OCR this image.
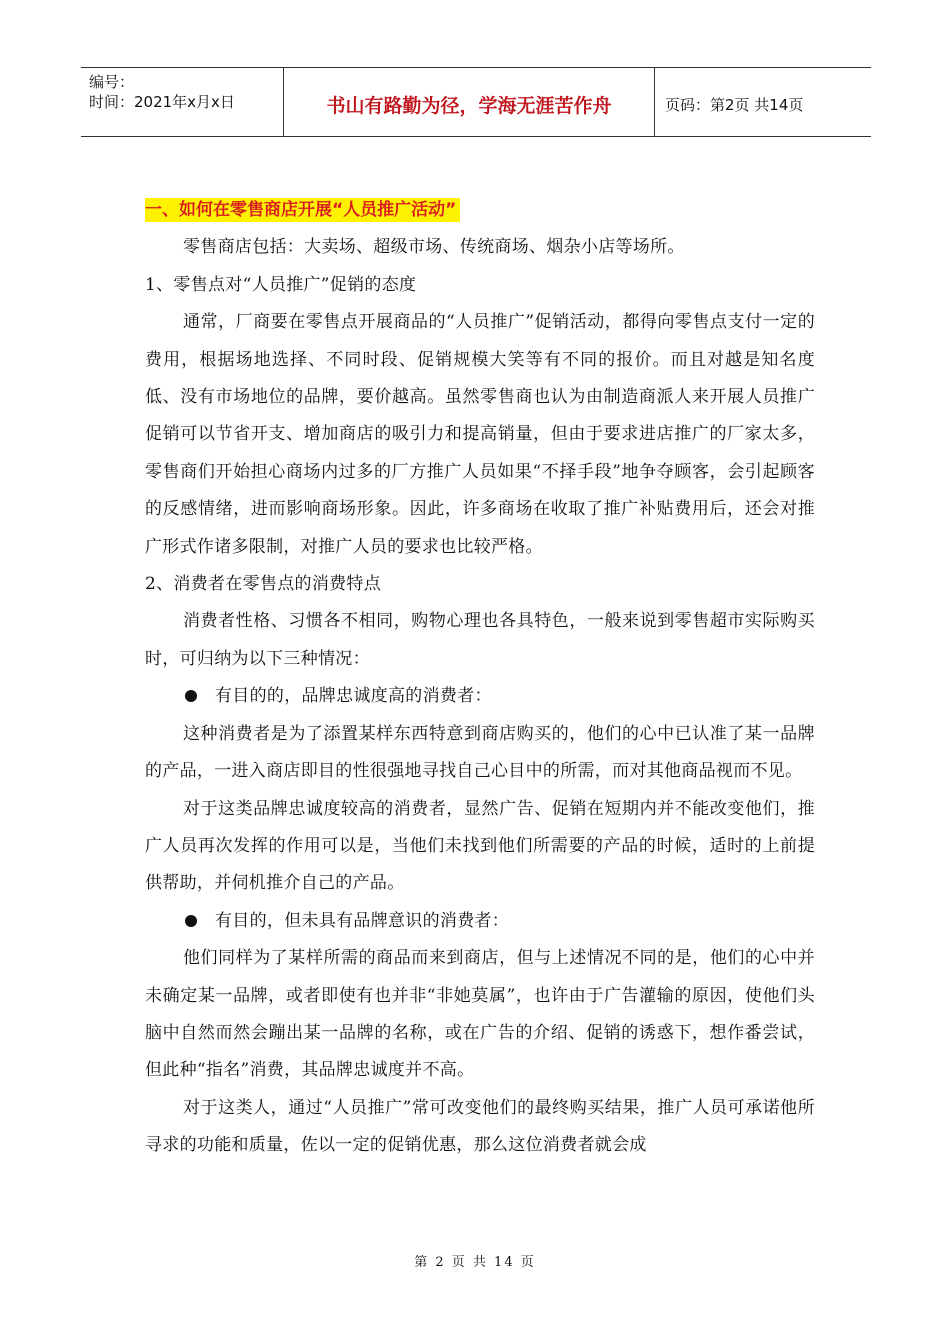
编号：
时间：2021年x月x日	书山有路勤为径，学海无涯苦作舟	页码：第2页 共14页
一、如何在零售商店开展“人员推广活动”

零售商店包括：大卖场、超级市场、传统商场、烟杂小店等场所。

1、零售点对“人员推广”促销的态度

通常，厂商要在零售点开展商品的“人员推广”促销活动，都得向零售点支付一定的费用，根据场地选择、不同时段、促销规模大笑等有不同的报价。而且对越是知名度低、没有市场地位的品牌，要价越高。虽然零售商也认为由制造商派人来开展人员推广促销可以节省开支、增加商店的吸引力和提高销量，但由于要求进店推广的厂家太多，零售商们开始担心商场内过多的厂方推广人员如果“不择手段”地争夺顾客，会引起顾客的反感情绪，进而影响商场形象。因此，许多商场在收取了推广补贴费用后，还会对推广形式作诸多限制，对推广人员的要求也比较严格。

2、消费者在零售点的消费特点

消费者性格、习惯各不相同，购物心理也各具特色，一般来说到零售超市实际购买时，可归纳为以下三种情况：

有目的的，品牌忠诚度高的消费者：

这种消费者是为了添置某样东西特意到商店购买的，他们的心中已认准了某一品牌的产品，一进入商店即目的性很强地寻找自己心目中的所需，而对其他商品视而不见。

对于这类品牌忠诚度较高的消费者，显然广告、促销在短期内并不能改变他们，推广人员再次发挥的作用可以是，当他们未找到他们所需要的产品的时候，适时的上前提供帮助，并伺机推介自己的产品。

有目的，但未具有品牌意识的消费者：

他们同样为了某样所需的商品而来到商店，但与上述情况不同的是，他们的心中并未确定某一品牌，或者即使有也并非“非她莫属”，也许由于广告灌输的原因，使他们头脑中自然而然会蹦出某一品牌的名称，或在广告的介绍、促销的诱惑下，想作番尝试，但此种“指名”消费，其品牌忠诚度并不高。

对于这类人，通过“人员推广”常可改变他们的最终购买结果，推广人员可承诺他所寻求的功能和质量，佐以一定的促销优惠，那么这位消费者就会成

第 2 页 共 14 页
